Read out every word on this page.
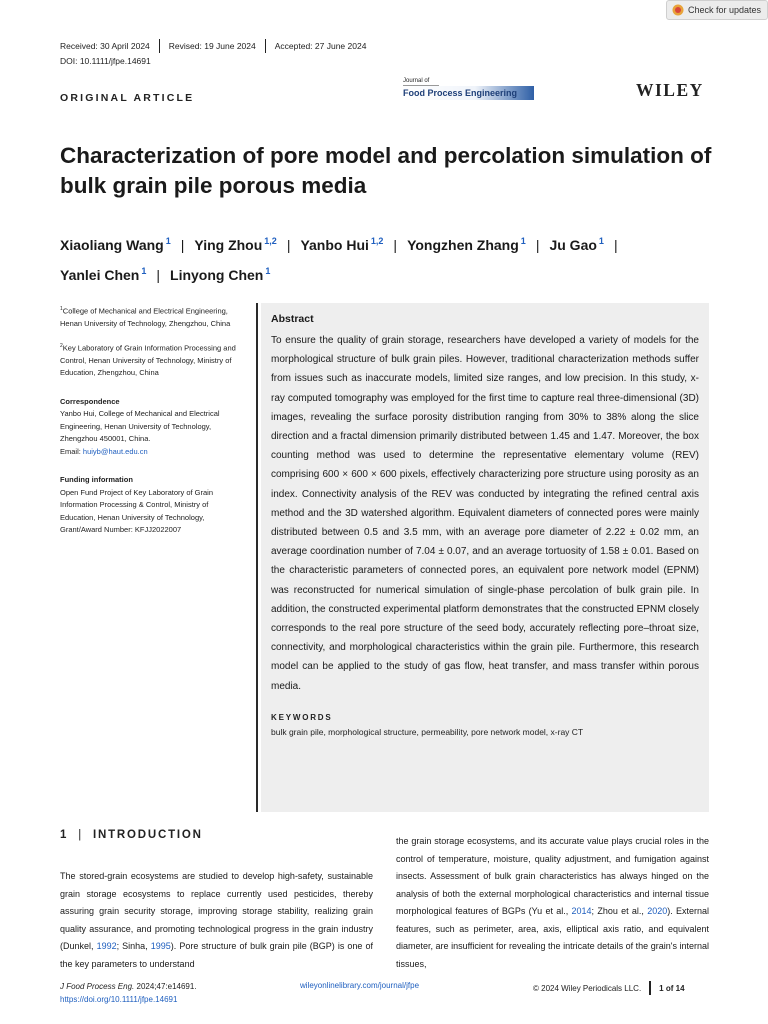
Check for updates
Received: 30 April 2024 Revised: 19 June 2024 Accepted: 27 June 2024
DOI: 10.1111/jfpe.14691
ORIGINAL ARTICLE
Journal of
Food Process Engineering	WILEY
Characterization of pore model and percolation simulation of bulk grain pile porous media
Xiaoliang Wang $^1$ | Ying Zhou $^{1,2}$ | Yanbo Hui $^{1,2}$ | Yongzhen Zhang $^1$ | Ju Gao $^1$ |
Yanlei Chen $^1$ | Linyong Chen $^1$
$^1$College of Mechanical and Electrical Engineering, Henan University of Technology, Zhengzhou, China
$^2$Key Laboratory of Grain Information Processing and Control, Henan University of Technology, Ministry of Education, Zhengzhou, China
Correspondence
Yanbo Hui, College of Mechanical and Electrical Engineering, Henan University of Technology, Zhengzhou 450001, China.
Email: huiyb@haut.edu.cn
Funding information
Open Fund Project of Key Laboratory of Grain Information Processing & Control, Ministry of Education, Henan University of Technology, Grant/Award Number: KFJJ2022007
Abstract
To ensure the quality of grain storage, researchers have developed a variety of models for the morphological structure of bulk grain piles. However, traditional characterization methods suffer from issues such as inaccurate models, limited size ranges, and low precision. In this study, x-ray computed tomography was employed for the first time to capture real three-dimensional (3D) images, revealing the surface porosity distribution ranging from 30% to 38% along the slice direction and a fractal dimension primarily distributed between 1.45 and 1.47. Moreover, the box counting method was used to determine the representative elementary volume (REV) comprising 600 × 600 × 600 pixels, effectively characterizing pore structure using porosity as an index. Connectivity analysis of the REV was conducted by integrating the refined central axis method and the 3D watershed algorithm. Equivalent diameters of connected pores were mainly distributed between 0.5 and 3.5 mm, with an average pore diameter of 2.22 ± 0.02 mm, an average coordination number of 7.04 ± 0.07, and an average tortuosity of 1.58 ± 0.01. Based on the characteristic parameters of connected pores, an equivalent pore network model (EPNM) was reconstructed for numerical simulation of single-phase percolation of bulk grain pile. In addition, the constructed experimental platform demonstrates that the constructed EPNM closely corresponds to the real pore structure of the seed body, accurately reflecting pore–throat size, connectivity, and morphological characteristics within the grain pile. Furthermore, this research model can be applied to the study of gas flow, heat transfer, and mass transfer within porous media.
KEYWORDS
bulk grain pile, morphological structure, permeability, pore network model, x-ray CT
1 | INTRODUCTION
The stored-grain ecosystems are studied to develop high-safety, sustainable grain storage ecosystems to replace currently used pesticides, thereby assuring grain security storage, improving storage stability, realizing grain quality assurance, and promoting technological progress in the grain industry (Dunkel, 1992; Sinha, 1995). Pore structure of bulk grain pile (BGP) is one of the key parameters to understand
the grain storage ecosystems, and its accurate value plays crucial roles in the control of temperature, moisture, quality adjustment, and fumigation against insects. Assessment of bulk grain characteristics has always hinged on the analysis of both the external morphological characteristics and internal tissue morphological features of BGPs (Yu et al., 2014; Zhou et al., 2020). External features, such as perimeter, area, axis, elliptical axis ratio, and equivalent diameter, are insufficient for revealing the intricate details of the grain's internal tissues,
J Food Process Eng. 2024;47:e14691.
https://doi.org/10.1111/jfpe.14691
wileyonlinelibrary.com/journal/jfpe	© 2024 Wiley Periodicals LLC. 1 of 14
